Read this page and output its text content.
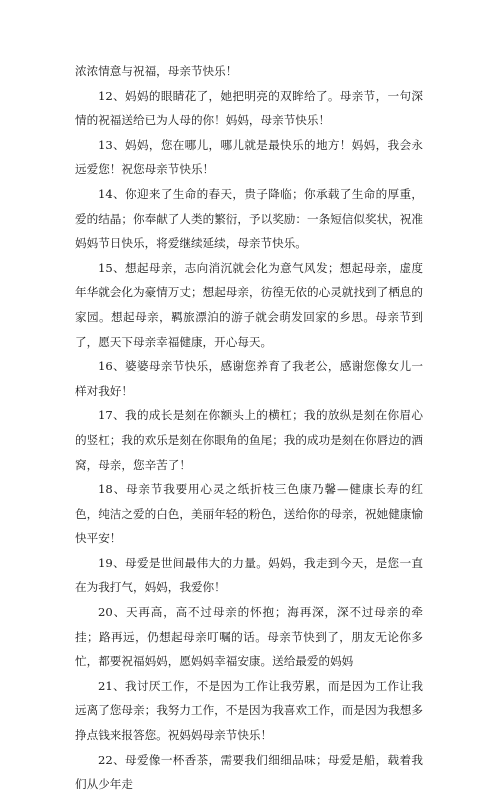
浓浓情意与祝福，母亲节快乐！

12、妈妈的眼睛花了，她把明亮的双眸给了。母亲节，一句深情的祝福送给已为人母的你！妈妈，母亲节快乐！

13、妈妈，您在哪儿，哪儿就是最快乐的地方！妈妈，我会永远爱您！祝您母亲节快乐！

14、你迎来了生命的春天，贵子降临；你承载了生命的厚重，爱的结晶；你奉献了人类的繁衍，予以奖励：一条短信似奖状，祝准妈妈节日快乐，将爱继续延续，母亲节快乐。

15、想起母亲，志向消沉就会化为意气风发；想起母亲，虚度年华就会化为豪情万丈；想起母亲，彷徨无依的心灵就找到了栖息的家园。想起母亲，羁旅漂泊的游子就会萌发回家的乡思。母亲节到了，愿天下母亲幸福健康，开心每天。

16、婆婆母亲节快乐，感谢您养育了我老公，感谢您像女儿一样对我好！

17、我的成长是刻在你额头上的横杠；我的放纵是刻在你眉心的竖杠；我的欢乐是刻在你眼角的鱼尾；我的成功是刻在你唇边的酒窝，母亲，您辛苦了！

18、母亲节我要用心灵之纸折枝三色康乃馨—健康长寿的红色，纯洁之爱的白色，美丽年轻的粉色，送给你的母亲，祝她健康愉快平安！

19、母爱是世间最伟大的力量。妈妈，我走到今天，是您一直在为我打气，妈妈，我爱你！

20、天再高，高不过母亲的怀抱；海再深，深不过母亲的牵挂；路再远，仍想起母亲叮嘱的话。母亲节快到了，朋友无论你多忙，都要祝福妈妈，愿妈妈幸福安康。送给最爱的妈妈

21、我讨厌工作，不是因为工作让我劳累，而是因为工作让我远离了您母亲；我努力工作，不是因为我喜欢工作，而是因为我想多挣点钱来报答您。祝妈妈母亲节快乐！

22、母爱像一杯香茶，需要我们细细品味；母爱是船，载着我们从少年走
